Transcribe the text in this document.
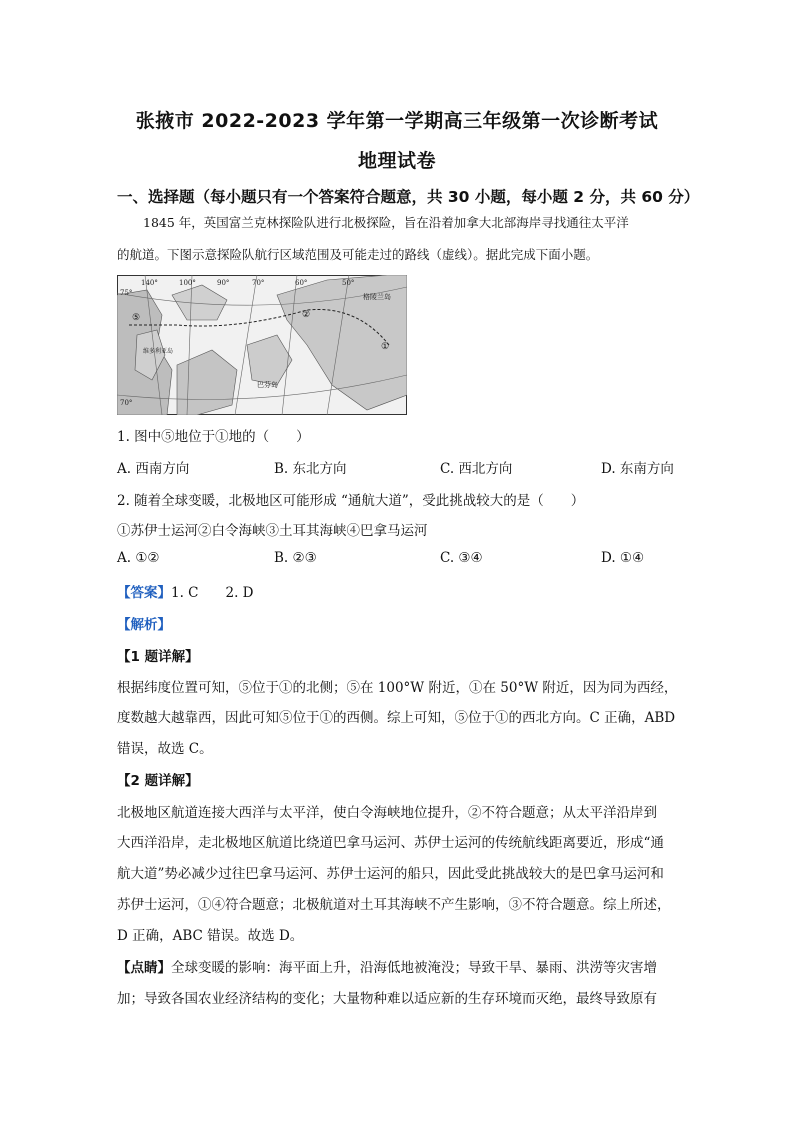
张掖市 2022-2023 学年第一学期高三年级第一次诊断考试
地理试卷
一、选择题（每小题只有一个答案符合题意，共 30 小题，每小题 2 分，共 60 分）
1845 年，英国富兰克林探险队进行北极探险，旨在沿着加拿大北部海岸寻找通往太平洋
的航道。下图示意探险队航行区域范围及可能走过的路线（虚线）。据此完成下面小题。
140°	100°	90°	70°	60°	50°
75°
70°
格陵兰岛
维多利亚岛
巴芬岛
①
②
⑤
1. 图中⑤地位于①地的（　　）
A. 西南方向	B. 东北方向	C. 西北方向	D. 东南方向
2. 随着全球变暖，北极地区可能形成 “通航大道”，受此挑战较大的是（　　）
①苏伊士运河②白令海峡③土耳其海峡④巴拿马运河
A. ①②	B. ②③	C. ③④	D. ①④
【答案】1. C　　2. D
【解析】
【1 题详解】
根据纬度位置可知，⑤位于①的北侧；⑤在 100°W 附近，①在 50°W 附近，因为同为西经，
度数越大越靠西，因此可知⑤位于①的西侧。综上可知，⑤位于①的西北方向。C 正确，ABD
错误，故选 C。
【2 题详解】
北极地区航道连接大西洋与太平洋，使白令海峡地位提升，②不符合题意；从太平洋沿岸到
大西洋沿岸，走北极地区航道比绕道巴拿马运河、苏伊士运河的传统航线距离要近，形成“通
航大道”势必减少过往巴拿马运河、苏伊士运河的船只，因此受此挑战较大的是巴拿马运河和
苏伊士运河，①④符合题意；北极航道对土耳其海峡不产生影响，③不符合题意。综上所述，
D 正确，ABC 错误。故选 D。
【点睛】全球变暖的影响：海平面上升，沿海低地被淹没；导致干旱、暴雨、洪涝等灾害增
加；导致各国农业经济结构的变化；大量物种难以适应新的生存环境而灭绝，最终导致原有
